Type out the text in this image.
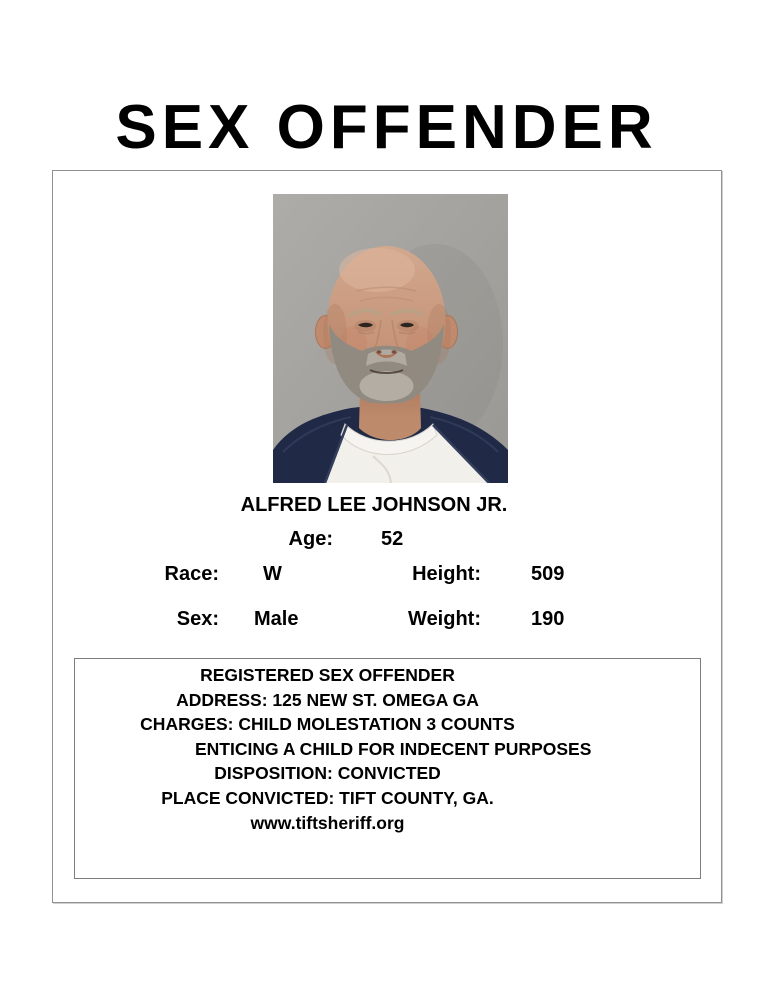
SEX OFFENDER
ALFRED LEE JOHNSON JR.
Age: 52
Race: W	Height:	509
Sex: Male	Weight:	190
REGISTERED SEX OFFENDER
ADDRESS: 125 NEW ST. OMEGA GA
CHARGES: CHILD MOLESTATION 3 COUNTS
ENTICING A CHILD FOR INDECENT PURPOSES
DISPOSITION: CONVICTED
PLACE CONVICTED: TIFT COUNTY, GA.
www.tiftsheriff.org
